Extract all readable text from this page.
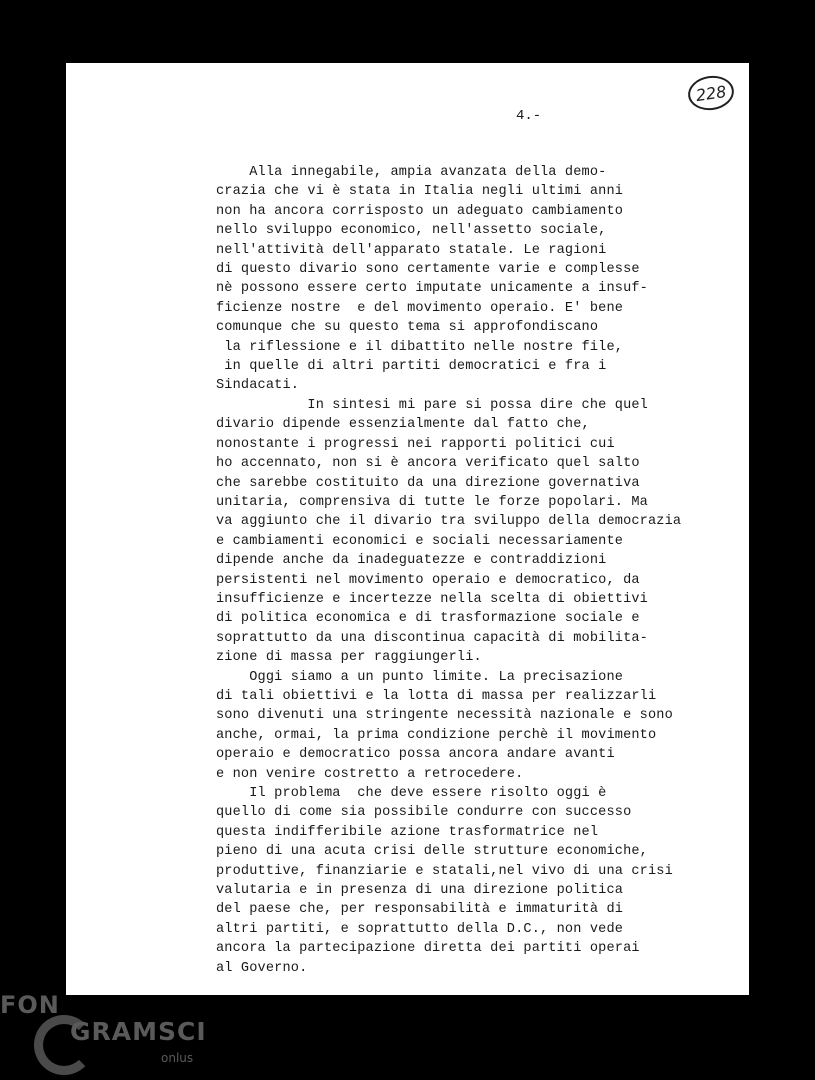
228
4.-
Alla innegabile, ampia avanzata della demo-
crazia che vi è stata in Italia negli ultimi anni
non ha ancora corrisposto un adeguato cambiamento
nello sviluppo economico, nell'assetto sociale,
nell'attività dell'apparato statale. Le ragioni
di questo divario sono certamente varie e complesse
nè possono essere certo imputate unicamente a insuf-
ficienze nostre  e del movimento operaio. E' bene
comunque che su questo tema si approfondiscano
la riflessione e il dibattito nelle nostre file,
in quelle di altri partiti democratici e fra i
Sindacati.
In sintesi mi pare si possa dire che quel
divario dipende essenzialmente dal fatto che,
nonostante i progressi nei rapporti politici cui
ho accennato, non si è ancora verificato quel salto
che sarebbe costituito da una direzione governativa
unitaria, comprensiva di tutte le forze popolari. Ma
va aggiunto che il divario tra sviluppo della democrazia
e cambiamenti economici e sociali necessariamente
dipende anche da inadeguatezze e contraddizioni
persistenti nel movimento operaio e democratico, da
insufficienze e incertezze nella scelta di obiettivi
di politica economica e di trasformazione sociale e
soprattutto da una discontinua capacità di mobilita-
zione di massa per raggiungerli.
Oggi siamo a un punto limite. La precisazione
di tali obiettivi e la lotta di massa per realizzarli
sono divenuti una stringente necessità nazionale e sono
anche, ormai, la prima condizione perchè il movimento
operaio e democratico possa ancora andare avanti
e non venire costretto a retrocedere.
Il problema  che deve essere risolto oggi è
quello di come sia possibile condurre con successo
questa indifferibile azione trasformatrice nel
pieno di una acuta crisi delle strutture economiche,
produttive, finanziarie e statali,nel vivo di una crisi
valutaria e in presenza di una direzione politica
del paese che, per responsabilità e immaturità di
altri partiti, e soprattutto della D.C., non vede
ancora la partecipazione diretta dei partiti operai
al Governo.
FON
GRAMSCI
onlus
